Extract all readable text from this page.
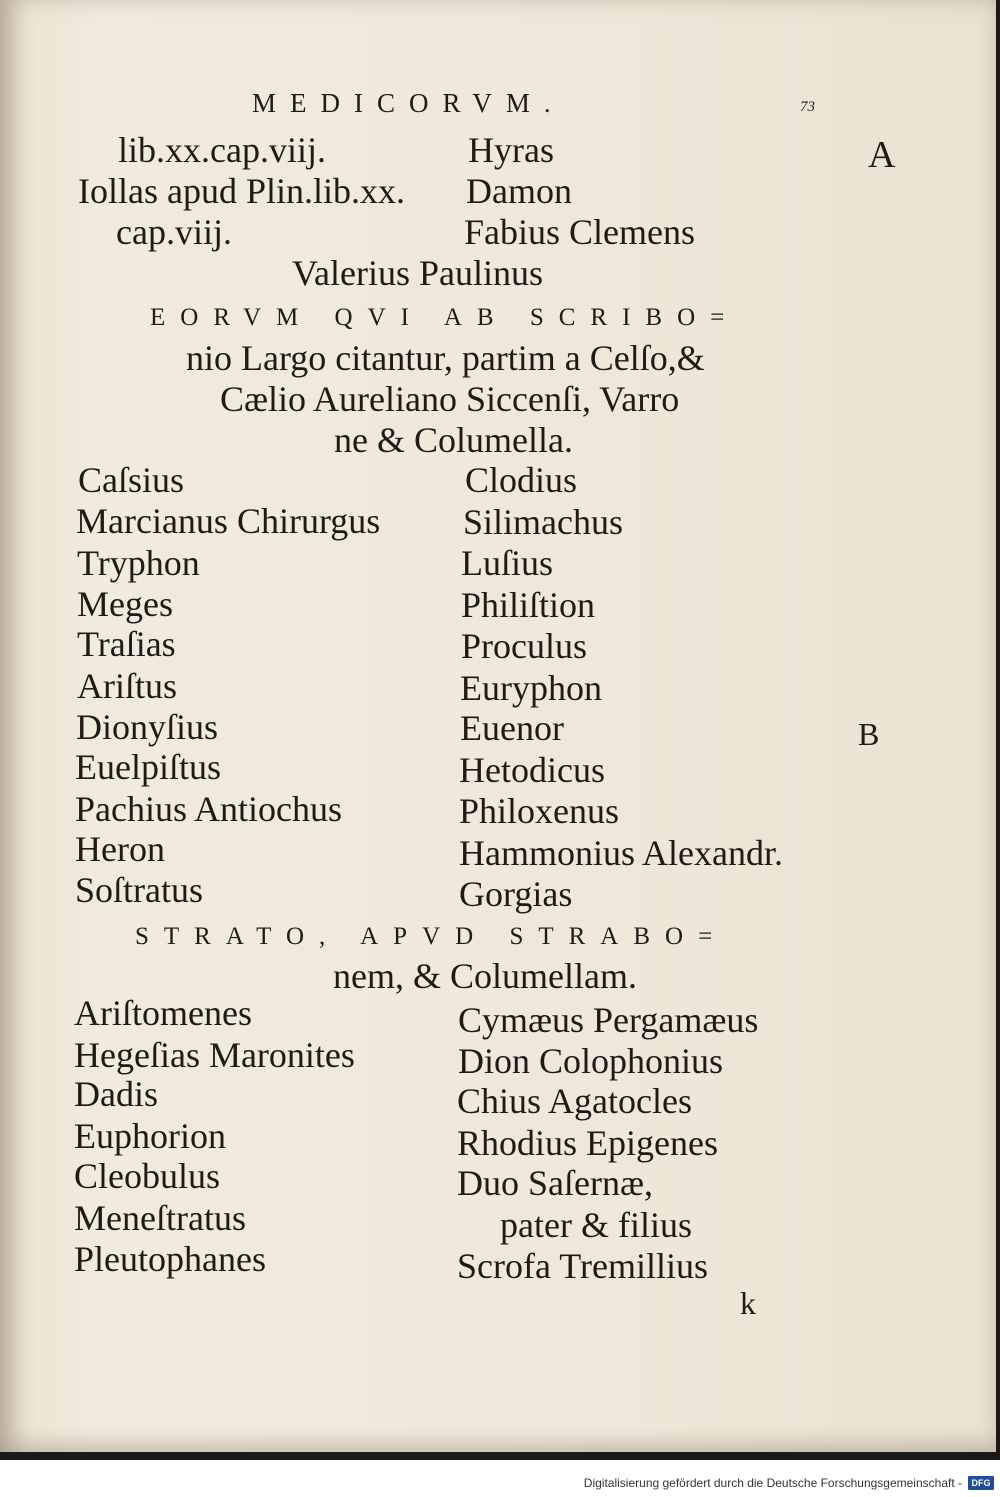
MEDICORVM.	73
A
B
lib.xx.cap.viij.
Iollas apud Plin.lib.xx.
cap.viij.
Hyras
Damon
Fabius Clemens
Valerius Paulinus
EORVM QVI AB SCRIBO=
nio Largo citantur, partim a Celſo,&
Cælio Aureliano Siccenſi, Varro
ne & Columella.
Caſsius
Marcianus Chirurgus
Tryphon
Meges
Traſias
Ariſtus
Dionyſius
Euelpiſtus
Pachius Antiochus
Heron
Soſtratus
Clodius
Silimachus
Luſius
Philiſtion
Proculus
Euryphon
Euenor
Hetodicus
Philoxenus
Hammonius Alexandr.
Gorgias
STRATO, APVD STRABO=
nem, & Columellam.
Ariſtomenes
Hegeſias Maronites
Dadis
Euphorion
Cleobulus
Meneſtratus
Pleutophanes
Cymæus Pergamæus
Dion Colophonius
Chius Agatocles
Rhodius Epigenes
Duo Saſernæ,
pater & filius
Scrofa Tremillius
k
Digitalisierung gefördert durch die Deutsche Forschungsgemeinschaft -	DFG
